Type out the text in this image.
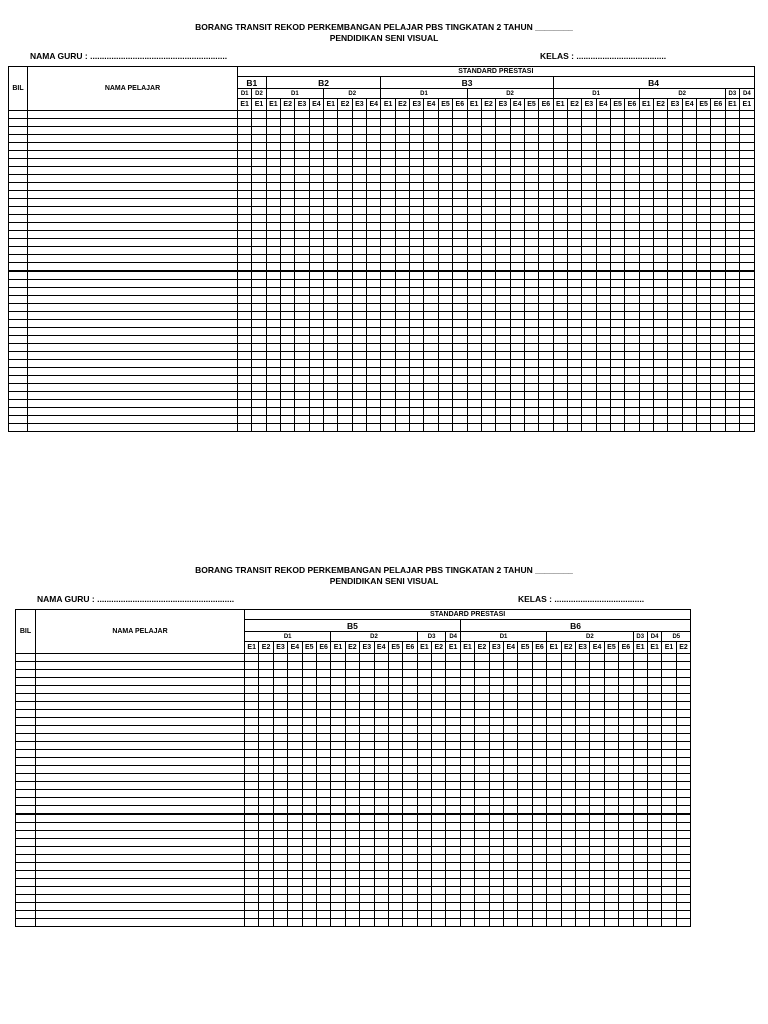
BORANG TRANSIT REKOD PERKEMBANGAN PELAJAR PBS TINGKATAN 2 TAHUN ________
PENDIDIKAN SENI VISUAL
NAMA GURU : ..........................................................	KELAS : ......................................
BIL	NAMA PELAJAR	STANDARD PRESTASI																																			
		B1		B2								B3												B4													
		D1	D2	D1				D2				D1						D2						D1						D2						D3	D4
		E1	E1	E1	E2	E3	E4	E1	E2	E3	E4	E1	E2	E3	E4	E5	E6	E1	E2	E3	E4	E5	E6	E1	E2	E3	E4	E5	E6	E1	E2	E3	E4	E5	E6	E1	E1

BORANG TRANSIT REKOD PERKEMBANGAN PELAJAR PBS TINGKATAN 2 TAHUN ________
PENDIDIKAN SENI VISUAL
NAMA GURU : ..........................................................	KELAS : ......................................
BIL	NAMA PELAJAR	STANDARD PRESTASI																														
		B5															B6															
		D1						D2						D3		D4	D1						D2						D3	D4	D5	
		E1	E2	E3	E4	E5	E6	E1	E2	E3	E4	E5	E6	E1	E2	E1	E1	E2	E3	E4	E5	E6	E1	E2	E3	E4	E5	E6	E1	E1	E1	E2
